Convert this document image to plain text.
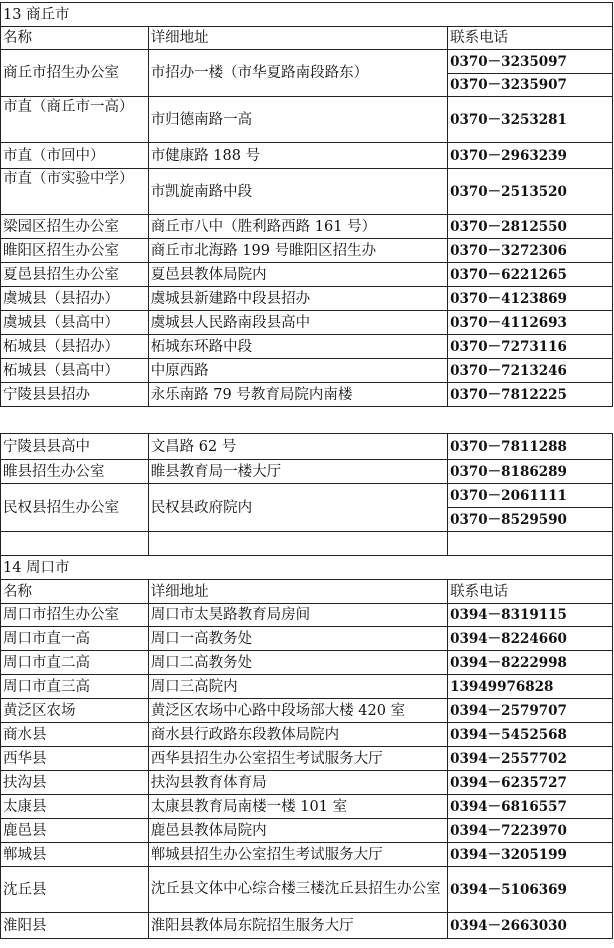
13 商丘市		
名称	详细地址	联系电话
商丘市招生办公室	市招办一楼（市华夏路南段路东）	0370－3235097
		0370－3235907
市直（商丘市一高）	市归德南路一高	0370－3253281
市直（市回中）	市健康路 188 号	0370－2963239
市直（市实验中学）	市凯旋南路中段	0370－2513520
梁园区招生办公室	商丘市八中（胜利路西路 161 号）	0370－2812550
睢阳区招生办公室	商丘市北海路 199 号睢阳区招生办	0370－3272306
夏邑县招生办公室	夏邑县教体局院内	0370－6221265
虞城县（县招办）	虞城县新建路中段县招办	0370－4123869
虞城县（县高中）	虞城县人民路南段县高中	0370－4112693
柘城县（县招办）	柘城东环路中段	0370－7273116
柘城县（县高中）	中原西路	0370－7213246
宁陵县县招办	永乐南路 79 号教育局院内南楼	0370－7812225
宁陵县县高中	文昌路 62 号	0370－7811288
睢县招生办公室	睢县教育局一楼大厅	0370－8186289
民权县招生办公室	民权县政府院内	0370－2061111
		0370－8529590

14 周口市		
名称	详细地址	联系电话
周口市招生办公室	周口市太昊路教育局房间	0394－8319115
周口市直一高	周口一高教务处	0394－8224660
周口市直二高	周口二高教务处	0394－8222998
周口市直三高	周口三高院内	13949976828
黄泛区农场	黄泛区农场中心路中段场部大楼 420 室	0394－2579707
商水县	商水县行政路东段教体局院内	0394－5452568
西华县	西华县招生办公室招生考试服务大厅	0394－2557702
扶沟县	扶沟县教育体育局	0394－6235727
太康县	太康县教育局南楼一楼 101 室	0394－6816557
鹿邑县	鹿邑县教体局院内	0394－7223970
郸城县	郸城县招生办公室招生考试服务大厅	0394－3205199
沈丘县	沈丘县文体中心综合楼三楼沈丘县招生办公室	0394－5106369
淮阳县	淮阳县教体局东院招生服务大厅	0394－2663030
